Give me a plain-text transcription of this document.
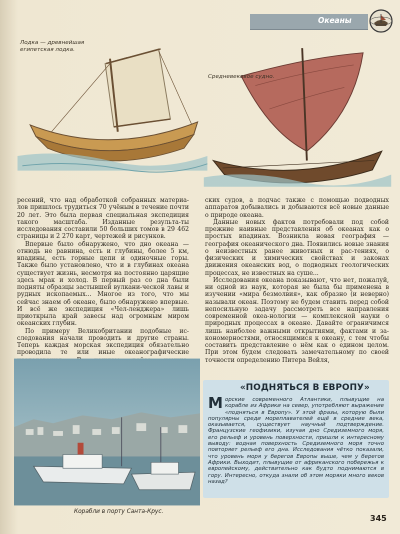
Океаны
Лодка — древнейшая египетская лодка.
Средневековое судно.

ресений, что над обработкой собранных материа-лов пришлось трудиться 70 учёным в течение почти 20 лет. Это была первая специальная экспедиция такого масштаба. Изданные результа-ты исследования составили 50 больших томов в 29 462 страницы и 2 270 карт, чертежей и рисунков.

Впервые было обнаружено, что дно океана — отнюдь не равнина, есть и глубины, более 5 км, впадины, есть горные цепи и одиночные горы. Также было установлено, что и в глубинах океана существует жизнь, несмотря на постоянно царящие здесь мрак и холод. В первый раз со дна были подняты образцы застывшей вулкани-ческой лавы и рудных ископаемых... Многое из того, что мы сейчас знаем об океане, было обнаружено впервые. И всё же экспедиция «Чел-ленджера» лишь приоткрыла край завесы над огромным миром океанских глубин.

По примеру Великобритании подобные ис-следования начали проводить и другие страны. Теперь каждая морская экспедиция обязательно проводила те или иные океанографические

ских судов, а подчас также с помощью подводных аппаратов добывались и добываются всё новые данные о природе океана.

Данные новых фактов потребовали под собой прежние наивные представления об океанах как о простых впадинах. Возникла новая география — география океанического дна. Появились новые знания о неизвестных ранее животных и рас-тениях, о физических и химических свойствах и законах движения океанских вод, о подводных геологических процессах, не известных на суше...

Исследования океана показывают, что нет, пожалуй, ни одной из наук, которая не была бы применена в изучении «мира безмолвия», как образно (и неверно) называли океан. Поэтому не будем ставить перед собой непосильную задачу рассмотреть все направления современной океа-нологии — комплексной науки о природных процессах в океане. Давайте ограничимся лишь наиболее важными открытиями, фактами и за-кономерностями, относящимися к океану, с тем чтобы составить представление о нём как о едином целом. При этом будем следовать замечательному по своей точности определению Питера Вейля,

Корабли в порту Санта-Крус.
«ПОДНЯТЬСЯ В ЕВРОПУ»
Морские современного Атлантики, плывущие на корабле из Африки на север, употребляют выражение «подняться в Европу». У этой фразы, которую были популярны среди мореплавателей ещё в средние века, оказывается, существует научный подтверждение. Французские геофизики, изучая дно Средиземного моря, его рельеф и уровень поверхности, пришли к интересному выводу: водная поверхность Средиземного моря точно повторяет рельеф его дна. Исследования чётко показали, что уровень моря у берегов Европы выше, чем у берегов Африки. Выходит, плывущие от африканского побережья к европейскому, действительно как будто поднимаются в гору. Интересно, откуда знали об этом моряки много веков назад?
345
